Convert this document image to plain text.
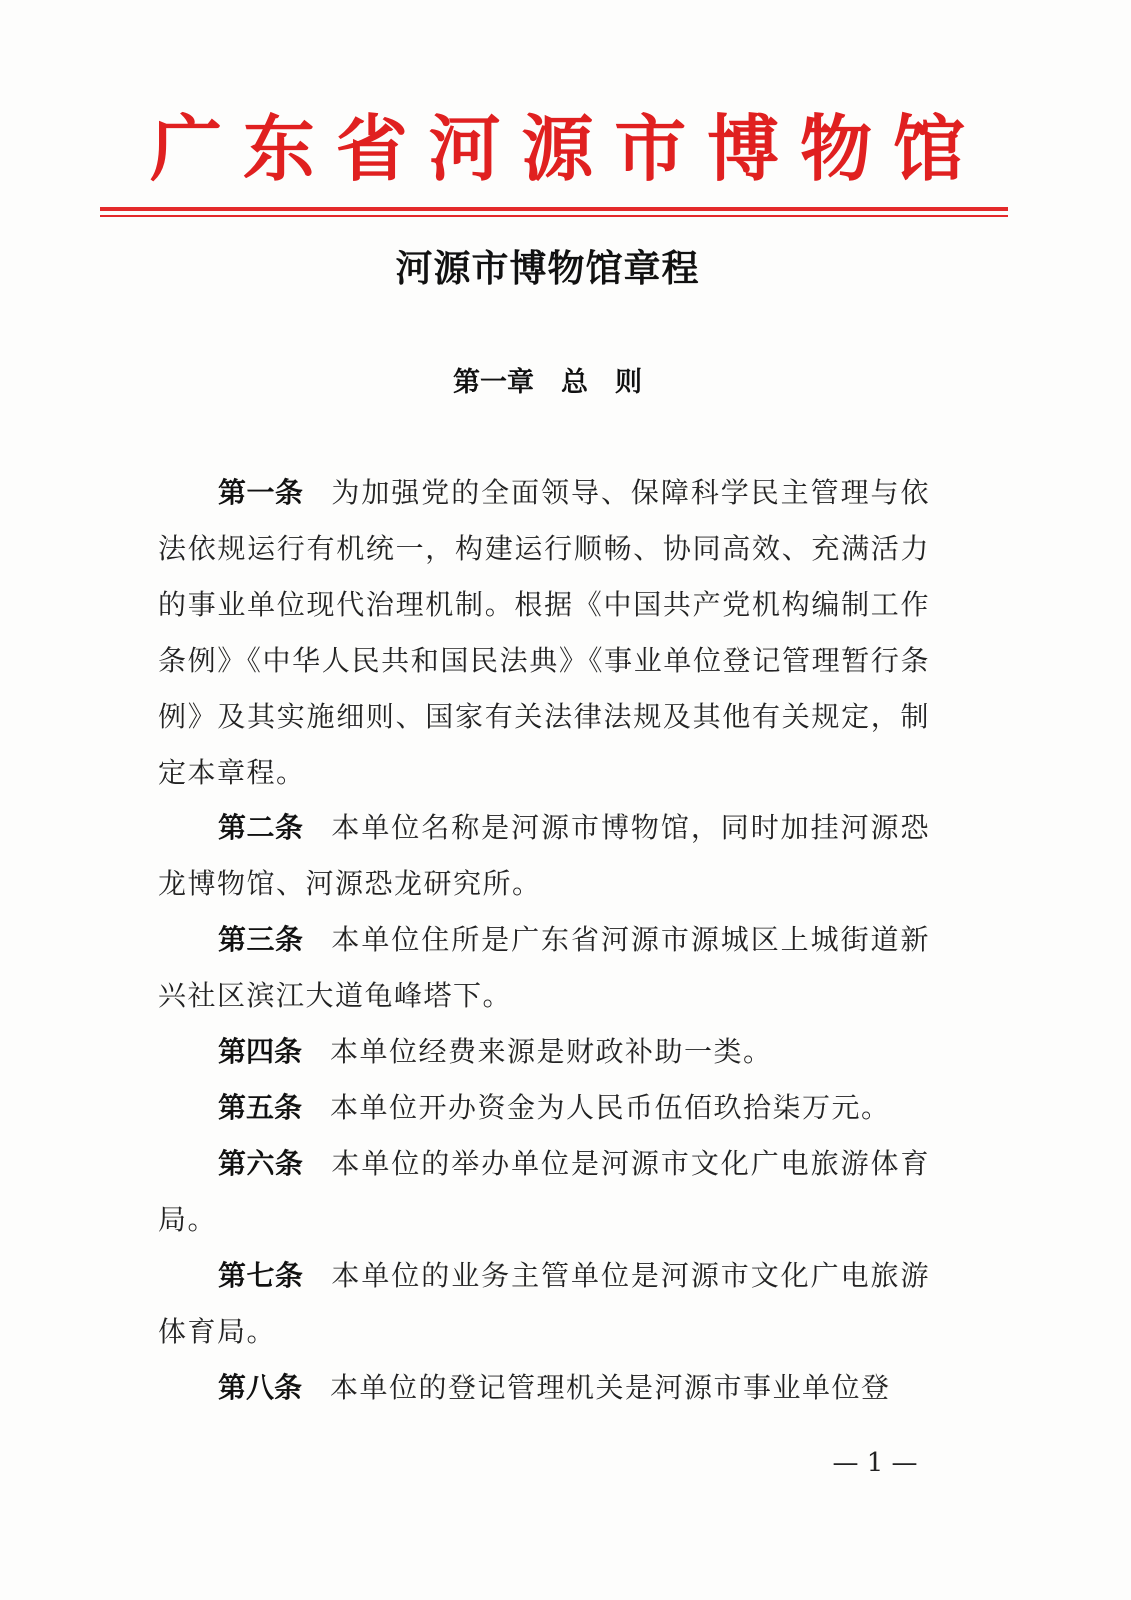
广 东 省 河 源 市 博 物 馆
河源市博物馆章程
第一章　总　则
第一条 为加强党的全面领导、保障科学民主管理与依法依规运行有机统一，构建运行顺畅、协同高效、充满活力的事业单位现代治理机制。根据《中国共产党机构编制工作条例》《中华人民共和国民法典》《事业单位登记管理暂行条例》及其实施细则、国家有关法律法规及其他有关规定，制定本章程。
第二条 本单位名称是河源市博物馆，同时加挂河源恐龙博物馆、河源恐龙研究所。
第三条 本单位住所是广东省河源市源城区上城街道新兴社区滨江大道龟峰塔下。
第四条 本单位经费来源是财政补助一类。
第五条 本单位开办资金为人民币伍佰玖拾柒万元。
第六条 本单位的举办单位是河源市文化广电旅游体育局。
第七条 本单位的业务主管单位是河源市文化广电旅游体育局。
第八条 本单位的登记管理机关是河源市事业单位登
— 1 —
